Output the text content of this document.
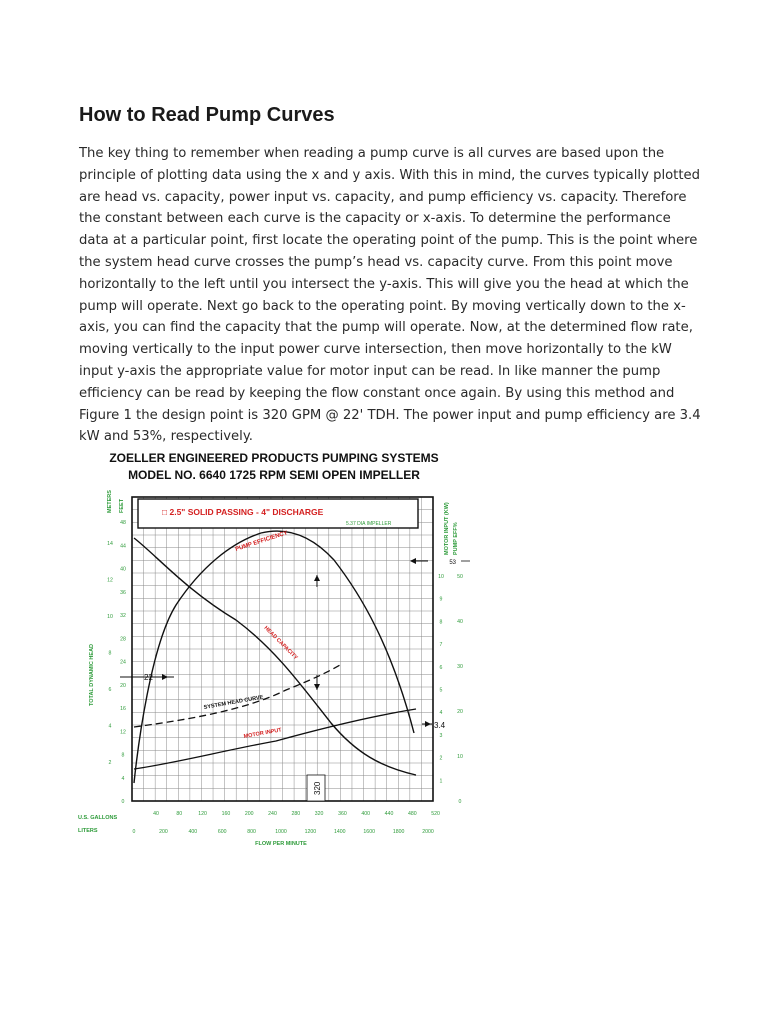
How to Read Pump Curves

The key thing to remember when reading a pump curve is all curves are based upon the principle of plotting data using the x and y axis. With this in mind, the curves typically plotted are head vs. capacity, power input vs. capacity, and pump efficiency vs. capacity. Therefore the constant between each curve is the capacity or x-axis. To determine the performance data at a particular point, first locate the operating point of the pump. This is the point where the system head curve crosses the pump’s head vs. capacity curve. From this point move horizontally to the left until you intersect the y-axis. This will give you the head at which the pump will operate. Next go back to the operating point. By moving vertically down to the x-axis, you can find the capacity that the pump will operate. Now, at the determined flow rate, moving vertically to the input power curve intersection, then move horizontally to the kW input y-axis the appropriate value for motor input can be read. In like manner the pump efficiency can be read by keeping the flow constant once again. By using this method and Figure 1 the design point is 320 GPM @ 22' TDH. The power input and pump efficiency are 3.4 kW and 53%, respectively.

ZOELLER ENGINEERED PRODUCTS PUMPING SYSTEMS
MODEL NO. 6640 1725 RPM SEMI OPEN IMPELLER
□ 2.5" SOLID PASSING - 4" DISCHARGE
5.37 DIA IMPELLER
METERS FEET
TOTAL DYNAMIC HEAD
MOTOR INPUT (KW) PUMP EFF%
48
44
40
36
32
28
24
20
16
12
8
4
0
14
12
10
8
6
4
2
10
9
8
7
6
5
4
3
2
1
50
40
30
20
10
0
40	80	120	160	200	240	280	320	360	400	440	480	520
0	200	400	600	800	1000	1200	1400	1600	1800	2000
U.S. GALLONS
LITERS
FLOW PER MINUTE
PUMP EFFICIENCY
HEAD CAPACITY
SYSTEM HEAD CURVE
MOTOR INPUT
22
320
53
3.4
